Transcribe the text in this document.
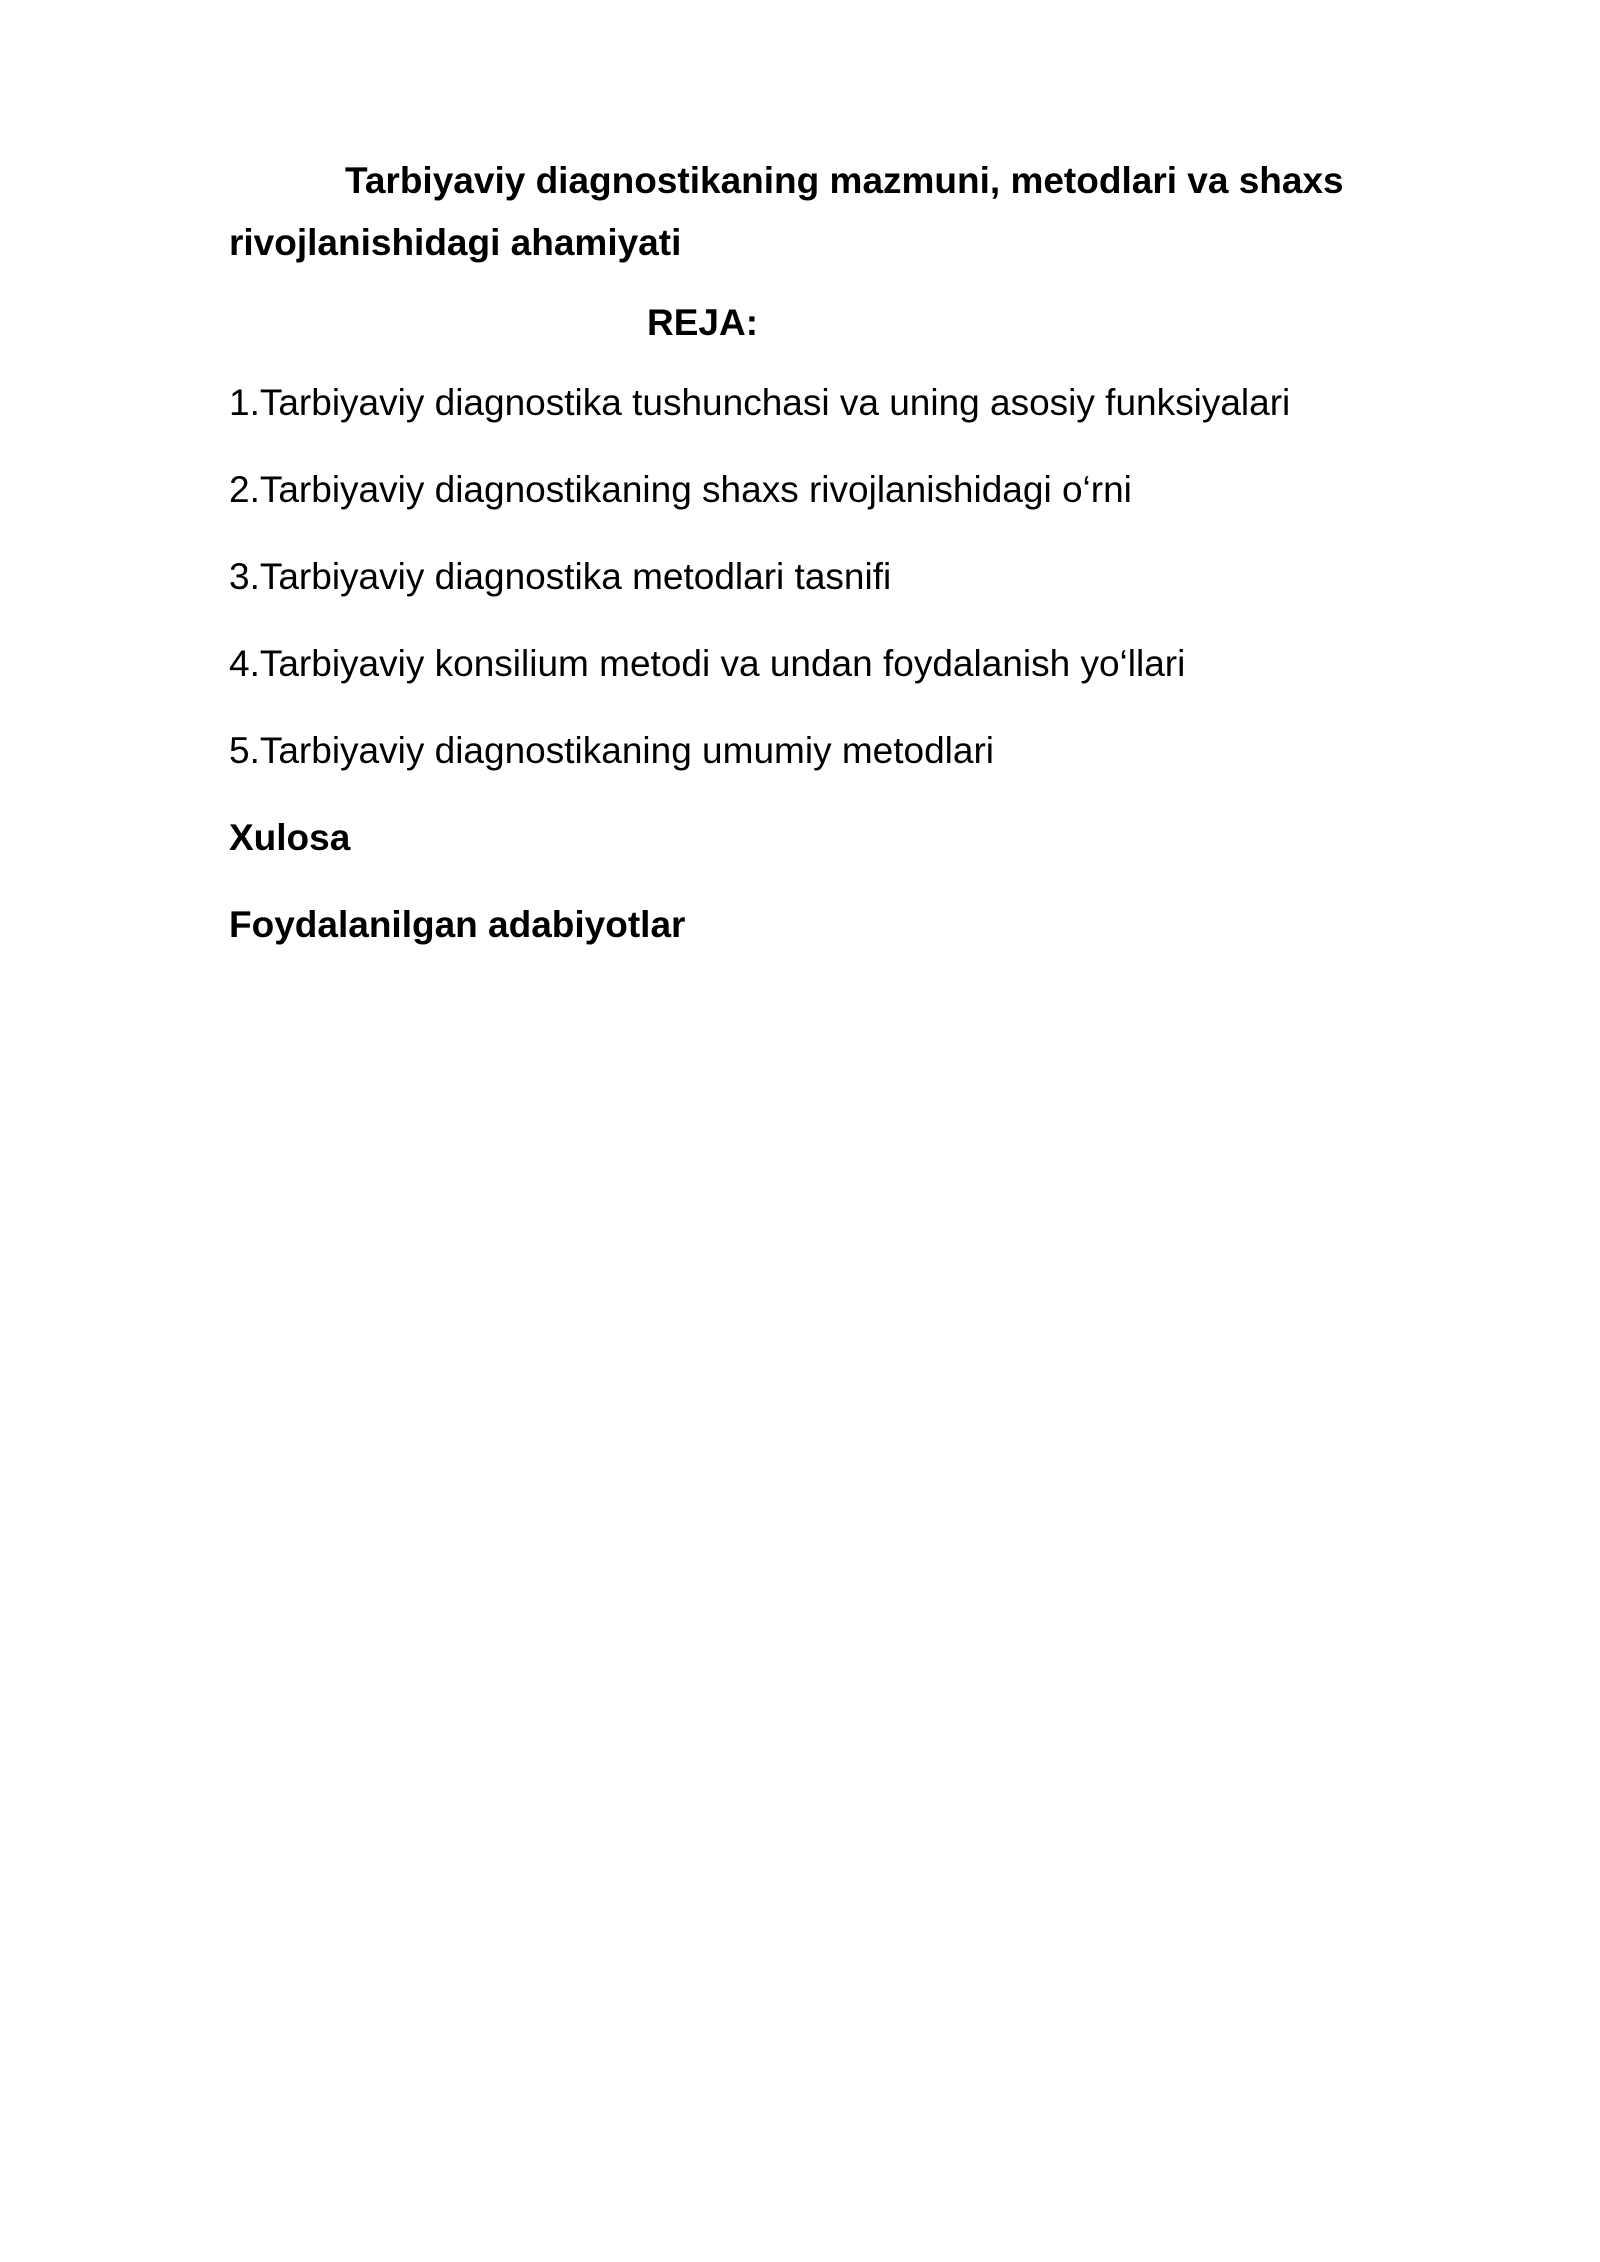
Tarbiyaviy diagnostikaning mazmuni, metodlari va shaxs rivojlanishidagi ahamiyati
REJA:
1.Tarbiyaviy diagnostika tushunchasi va uning asosiy funksiyalari
2.Tarbiyaviy diagnostikaning shaxs rivojlanishidagi o‘rni
3.Tarbiyaviy diagnostika metodlari tasnifi
4.Tarbiyaviy konsilium metodi va undan foydalanish yo‘llari
5.Tarbiyaviy diagnostikaning umumiy metodlari
Xulosa
Foydalanilgan adabiyotlar
